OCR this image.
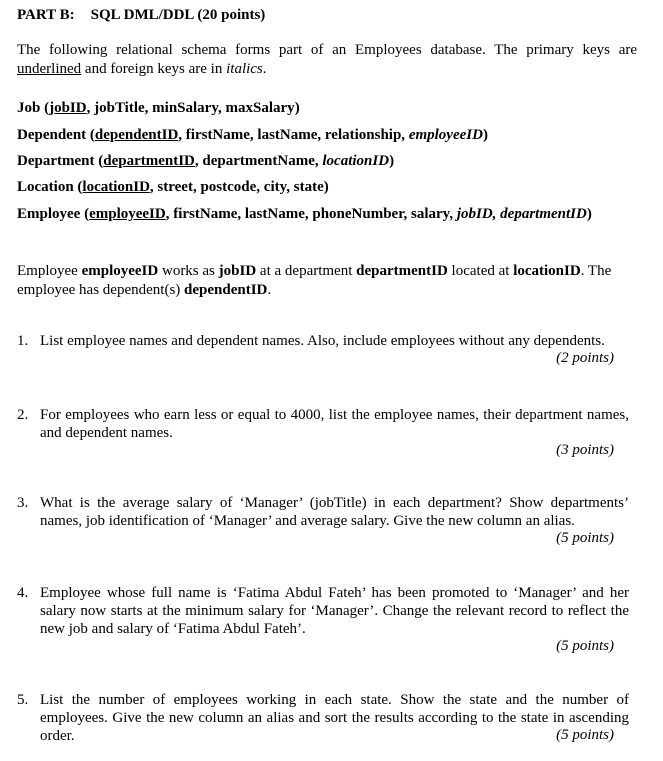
PART B: SQL DML/DDL (20 points)
The following relational schema forms part of an Employees database. The primary keys are underlined and foreign keys are in italics.
Job (jobID, jobTitle, minSalary, maxSalary)
Dependent (dependentID, firstName, lastName, relationship, employeeID)
Department (departmentID, departmentName, locationID)
Location (locationID, street, postcode, city, state)
Employee (employeeID, firstName, lastName, phoneNumber, salary, jobID, departmentID)
Employee employeeID works as jobID at a department departmentID located at locationID. The employee has dependent(s) dependentID.
1. List employee names and dependent names. Also, include employees without any dependents.
(2 points)
2. For employees who earn less or equal to 4000, list the employee names, their department names, and dependent names.
(3 points)
3. What is the average salary of ‘Manager’ (jobTitle) in each department? Show departments’ names, job identification of ‘Manager’ and average salary. Give the new column an alias.
(5 points)
4. Employee whose full name is ‘Fatima Abdul Fateh’ has been promoted to ‘Manager’ and her salary now starts at the minimum salary for ‘Manager’. Change the relevant record to reflect the new job and salary of ‘Fatima Abdul Fateh’.
(5 points)
5. List the number of employees working in each state. Show the state and the number of employees. Give the new column an alias and sort the results according to the state in ascending order.	(5 points)
